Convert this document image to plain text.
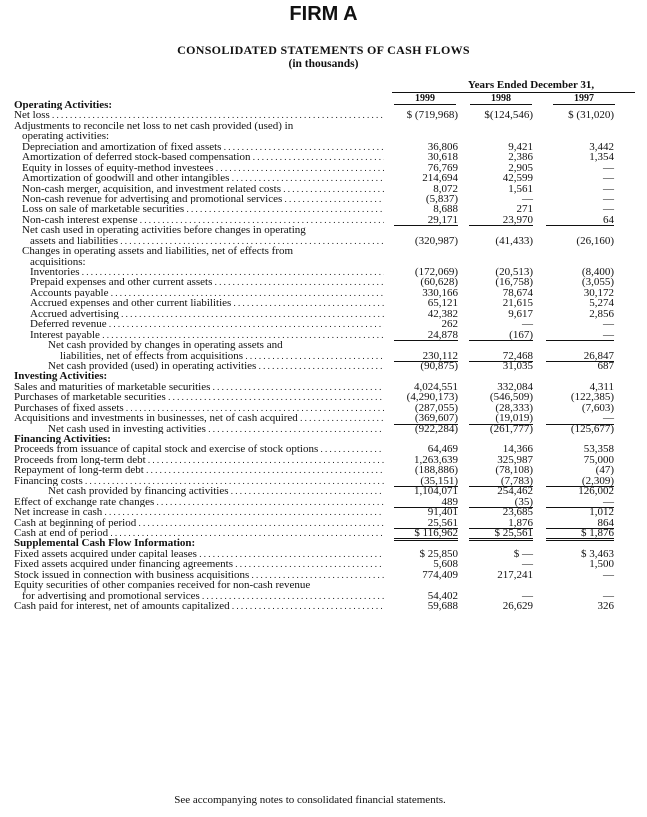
FIRM A
CONSOLIDATED STATEMENTS OF CASH FLOWS
(in thousands)
Years Ended December 31,
1999	1998	1997
Operating Activities:
Net loss . . .	$ (719,968)	$(124,546)	$ (31,020)
Adjustments to reconcile net loss to net cash provided (used) in
operating activities:
Depreciation and amortization of fixed assets . . .	36,806	9,421	3,442
Amortization of deferred stock-based compensation . . .	30,618	2,386	1,354
Equity in losses of equity-method investees . . .	76,769	2,905	—
Amortization of goodwill and other intangibles . . .	214,694	42,599	—
Non-cash merger, acquisition, and investment related costs . . .	8,072	1,561	—
Non-cash revenue for advertising and promotional services . . .	(5,837)	—	—
Loss on sale of marketable securities . . .	8,688	271	—
Non-cash interest expense . . .	29,171	23,970	64
Net cash used in operating activities before changes in operating
assets and liabilities . . .	(320,987)	(41,433)	(26,160)
Changes in operating assets and liabilities, net of effects from
acquisitions:
Inventories . . .	(172,069)	(20,513)	(8,400)
Prepaid expenses and other current assets . . .	(60,628)	(16,758)	(3,055)
Accounts payable . . .	330,166	78,674	30,172
Accrued expenses and other current liabilities . . .	65,121	21,615	5,274
Accrued advertising . . .	42,382	9,617	2,856
Deferred revenue . . .	262	—	—
Interest payable . . .	24,878	(167)	—
Net cash provided by changes in operating assets and
liabilities, net of effects from acquisitions . . .	230,112	72,468	26,847
Net cash provided (used) in operating activities . . .	(90,875)	31,035	687
Investing Activities:
Sales and maturities of marketable securities . . .	4,024,551	332,084	4,311
Purchases of marketable securities . . .	(4,290,173)	(546,509)	(122,385)
Purchases of fixed assets . . .	(287,055)	(28,333)	(7,603)
Acquisitions and investments in businesses, net of cash acquired . . .	(369,607)	(19,019)	—
Net cash used in investing activities . . .	(922,284)	(261,777)	(125,677)
Financing Activities:
Proceeds from issuance of capital stock and exercise of stock options . . .	64,469	14,366	53,358
Proceeds from long-term debt . . .	1,263,639	325,987	75,000
Repayment of long-term debt . . .	(188,886)	(78,108)	(47)
Financing costs . . .	(35,151)	(7,783)	(2,309)
Net cash provided by financing activities . . .	1,104,071	254,462	126,002
Effect of exchange rate changes . . .	489	(35)	—
Net increase in cash . . .	91,401	23,685	1,012
Cash at beginning of period . . .	25,561	1,876	864
Cash at end of period . . .	$ 116,962	$ 25,561	$ 1,876
Supplemental Cash Flow Information:
Fixed assets acquired under capital leases . . .	$ 25,850	$ —	$ 3,463
Fixed assets acquired under financing agreements . . .	5,608	—	1,500
Stock issued in connection with business acquisitions . . .	774,409	217,241	—
Equity securities of other companies received for non-cash revenue
for advertising and promotional services . . .	54,402	—	—
Cash paid for interest, net of amounts capitalized . . .	59,688	26,629	326
See accompanying notes to consolidated financial statements.
